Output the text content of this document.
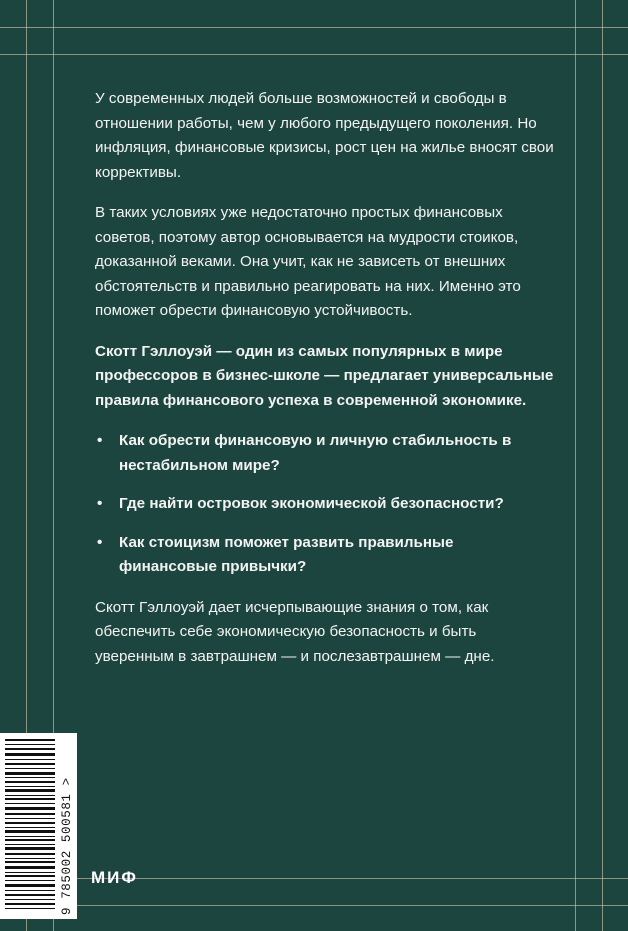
У современных людей больше возможностей и свободы в отношении работы, чем у любого предыдущего поколения. Но инфляция, финансовые кризисы, рост цен на жилье вносят свои коррективы.

В таких условиях уже недостаточно простых финансовых советов, поэтому автор основывается на мудрости стоиков, доказанной веками. Она учит, как не зависеть от внешних обстоятельств и правильно реагировать на них. Именно это поможет обрести финансовую устойчивость.

Скотт Гэллоуэй — один из самых популярных в мире профессоров в бизнес-школе — предлагает универсальные правила финансового успеха в современной экономике.

• Как обрести финансовую и личную стабильность в нестабильном мире?
• Где найти островок экономической безопасности?
• Как стоицизм поможет развить правильные финансовые привычки?

Скотт Гэллоуэй дает исчерпывающие знания о том, как обеспечить себе экономическую безопасность и быть уверенным в завтрашнем — и послезавтрашнем — дне.

9 785002 500581 > МИФ
